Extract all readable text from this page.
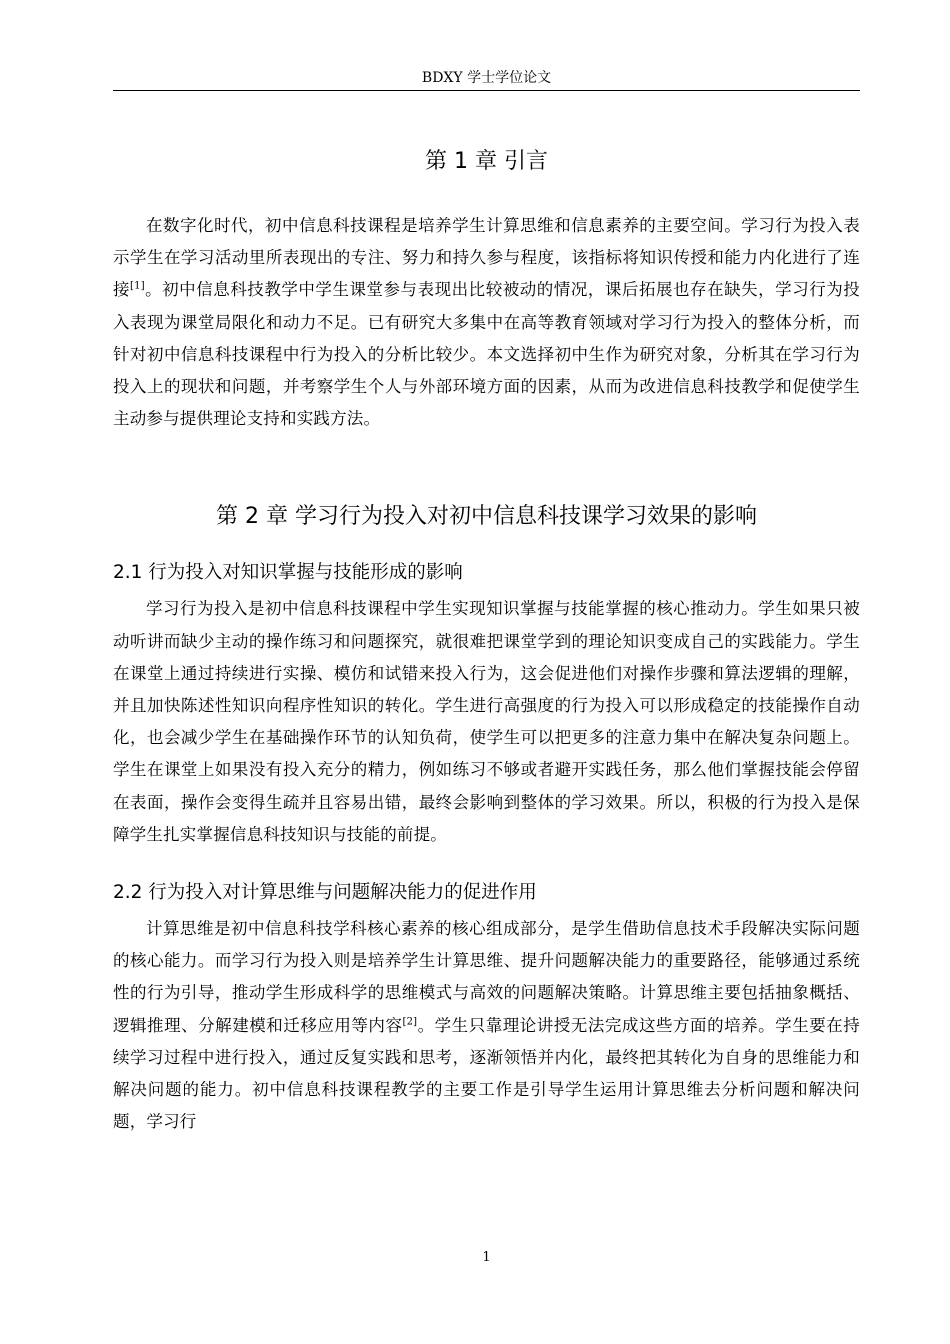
BDXY 学士学位论文
第 1 章 引言

在数字化时代，初中信息科技课程是培养学生计算思维和信息素养的主要空间。学习行为投入表示学生在学习活动里所表现出的专注、努力和持久参与程度，该指标将知识传授和能力内化进行了连接[1]。初中信息科技教学中学生课堂参与表现出比较被动的情况，课后拓展也存在缺失，学习行为投入表现为课堂局限化和动力不足。已有研究大多集中在高等教育领域对学习行为投入的整体分析，而针对初中信息科技课程中行为投入的分析比较少。本文选择初中生作为研究对象，分析其在学习行为投入上的现状和问题，并考察学生个人与外部环境方面的因素，从而为改进信息科技教学和促使学生主动参与提供理论支持和实践方法。

第 2 章 学习行为投入对初中信息科技课学习效果的影响
2.1 行为投入对知识掌握与技能形成的影响

学习行为投入是初中信息科技课程中学生实现知识掌握与技能掌握的核心推动力。学生如果只被动听讲而缺少主动的操作练习和问题探究，就很难把课堂学到的理论知识变成自己的实践能力。学生在课堂上通过持续进行实操、模仿和试错来投入行为，这会促进他们对操作步骤和算法逻辑的理解，并且加快陈述性知识向程序性知识的转化。学生进行高强度的行为投入可以形成稳定的技能操作自动化，也会减少学生在基础操作环节的认知负荷，使学生可以把更多的注意力集中在解决复杂问题上。学生在课堂上如果没有投入充分的精力，例如练习不够或者避开实践任务，那么他们掌握技能会停留在表面，操作会变得生疏并且容易出错，最终会影响到整体的学习效果。所以，积极的行为投入是保障学生扎实掌握信息科技知识与技能的前提。

2.2 行为投入对计算思维与问题解决能力的促进作用

计算思维是初中信息科技学科核心素养的核心组成部分，是学生借助信息技术手段解决实际问题的核心能力。而学习行为投入则是培养学生计算思维、提升问题解决能力的重要路径，能够通过系统性的行为引导，推动学生形成科学的思维模式与高效的问题解决策略。计算思维主要包括抽象概括、逻辑推理、分解建模和迁移应用等内容[2]。学生只靠理论讲授无法完成这些方面的培养。学生要在持续学习过程中进行投入，通过反复实践和思考，逐渐领悟并内化，最终把其转化为自身的思维能力和解决问题的能力。初中信息科技课程教学的主要工作是引导学生运用计算思维去分析问题和解决问题，学习行

1
